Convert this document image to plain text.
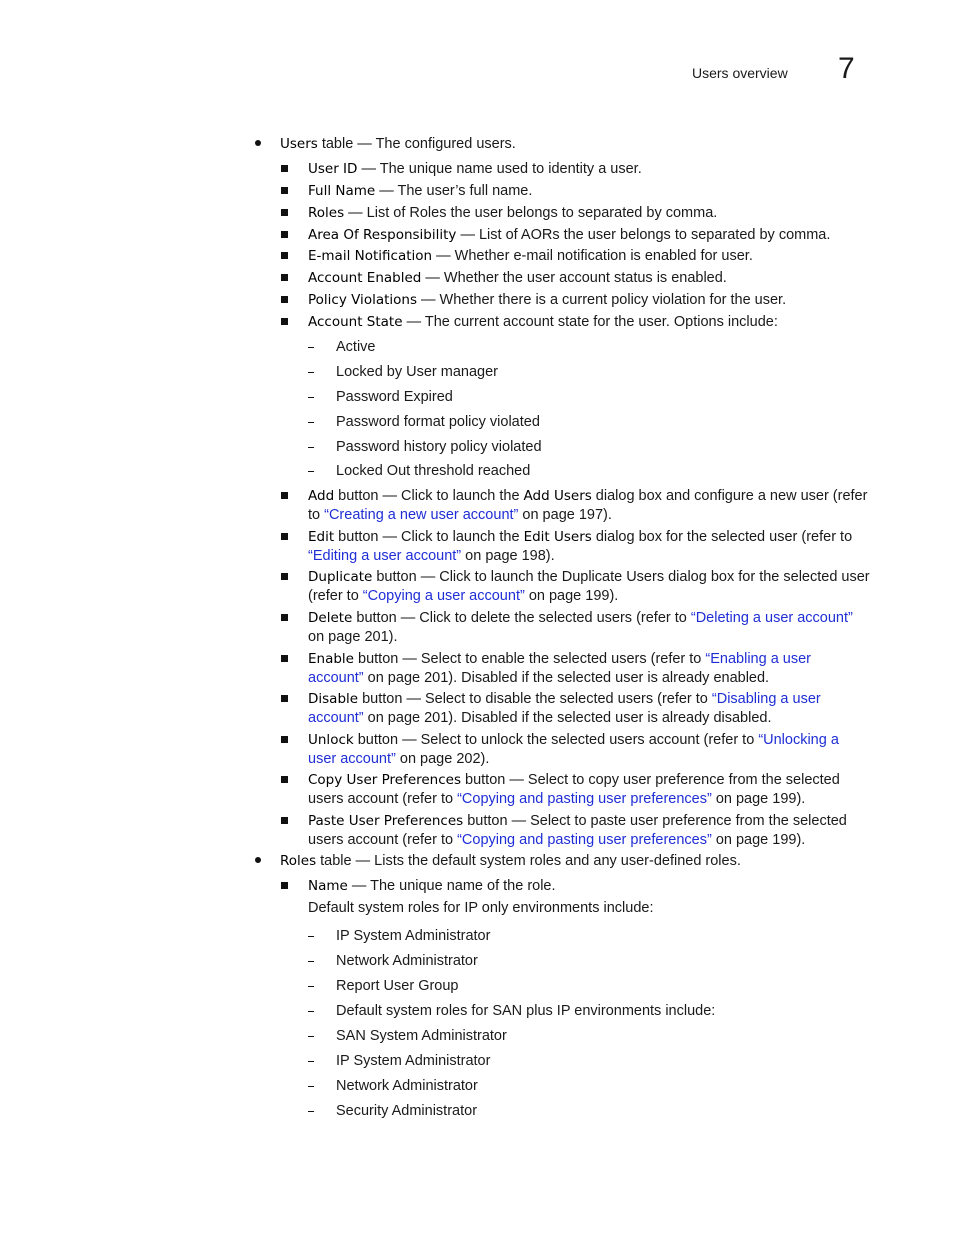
Users overview 7
Users table — The configured users.
User ID — The unique name used to identity a user.
Full Name — The user’s full name.
Roles — List of Roles the user belongs to separated by comma.
Area Of Responsibility — List of AORs the user belongs to separated by comma.
E-mail Notification — Whether e-mail notification is enabled for user.
Account Enabled — Whether the user account status is enabled.
Policy Violations — Whether there is a current policy violation for the user.
Account State — The current account state for the user. Options include:
Active
Locked by User manager
Password Expired
Password format policy violated
Password history policy violated
Locked Out threshold reached
Add button — Click to launch the Add Users dialog box and configure a new user (refer to “Creating a new user account” on page 197).
Edit button — Click to launch the Edit Users dialog box for the selected user (refer to “Editing a user account” on page 198).
Duplicate button — Click to launch the Duplicate Users dialog box for the selected user (refer to “Copying a user account” on page 199).
Delete button — Click to delete the selected users (refer to “Deleting a user account” on page 201).
Enable button — Select to enable the selected users (refer to “Enabling a user account” on page 201). Disabled if the selected user is already enabled.
Disable button — Select to disable the selected users (refer to “Disabling a user account” on page 201). Disabled if the selected user is already disabled.
Unlock button — Select to unlock the selected users account (refer to “Unlocking a user account” on page 202).
Copy User Preferences button — Select to copy user preference from the selected users account (refer to “Copying and pasting user preferences” on page 199).
Paste User Preferences button — Select to paste user preference from the selected users account (refer to “Copying and pasting user preferences” on page 199).
Roles table — Lists the default system roles and any user-defined roles.
Name — The unique name of the role.
Default system roles for IP only environments include:
IP System Administrator
Network Administrator
Report User Group
Default system roles for SAN plus IP environments include:
SAN System Administrator
IP System Administrator
Network Administrator
Security Administrator
